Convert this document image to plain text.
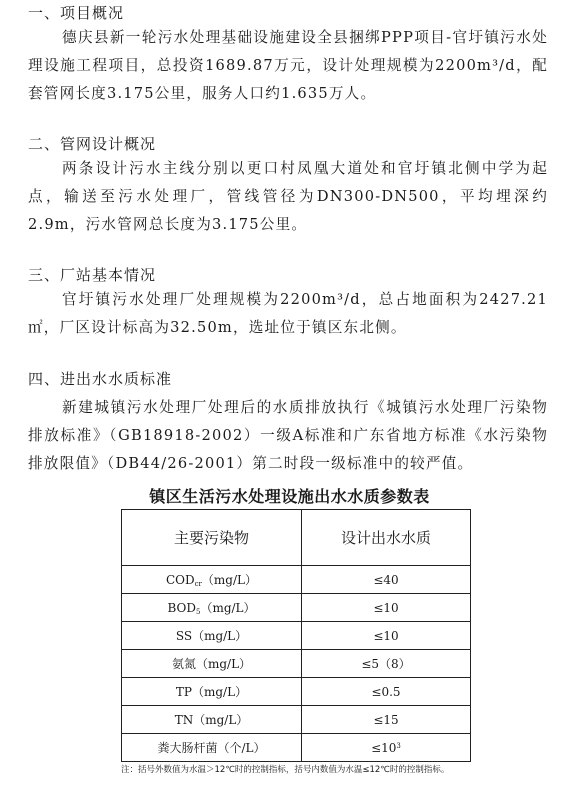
一、项目概况
德庆县新一轮污水处理基础设施建设全县捆绑PPP项目-官圩镇污水处理设施工程项目，总投资1689.87万元，设计处理规模为2200m³/d，配套管网长度3.175公里，服务人口约1.635万人。
二、管网设计概况
两条设计污水主线分别以更口村凤凰大道处和官圩镇北侧中学为起点，输送至污水处理厂，管线管径为DN300-DN500，平均埋深约2.9m，污水管网总长度为3.175公里。
三、厂站基本情况
官圩镇污水处理厂处理规模为2200m³/d，总占地面积为2427.21㎡，厂区设计标高为32.50m，选址位于镇区东北侧。
四、进出水水质标准
新建城镇污水处理厂处理后的水质排放执行《城镇污水处理厂污染物排放标准》（GB18918-2002）一级A标准和广东省地方标准《水污染物排放限值》（DB44/26-2001）第二时段一级标准中的较严值。
镇区生活污水处理设施出水水质参数表
主要污染物	设计出水水质
$COD_{cr}(mg/L)$	≤40
$BOD_5(mg/L)$	≤10
SS（mg/L）	≤10
氨氮（mg/L）	≤5（8）
TP（mg/L）	≤0.5
TN（mg/L）	≤15
粪大肠杆菌（个/L）	$\le 10^3$
注：括号外数值为水温＞12℃时的控制指标，括号内数值为水温≤12℃时的控制指标。
